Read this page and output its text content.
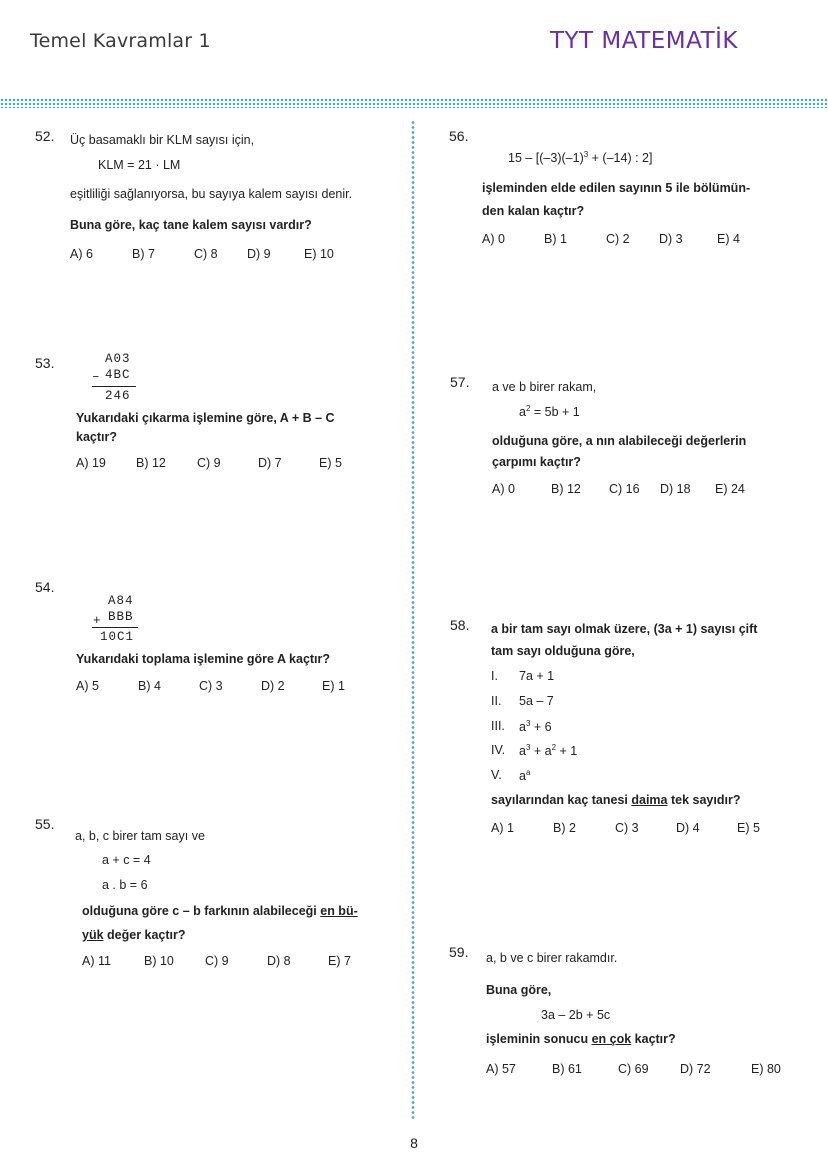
Temel Kavramlar 1	TYT MATEMATİK
52. Üç basamaklı bir KLM sayısı için,
KLM = 21 · LM
eşitliliği sağlanıyorsa, bu sayıya kalem sayısı denir.
Buna göre, kaç tane kalem sayısı vardır?
A) 6	B) 7	C) 8	D) 9	E) 10
53.	A03
– 4BC
246
Yukarıdaki çıkarma işlemine göre, A + B – C
kaçtır?
A) 19	B) 12	C) 9	D) 7	E) 5
54.
A84
+ BBB
10C1
Yukarıdaki toplama işlemine göre A kaçtır?
A) 5	B) 4	C) 3	D) 2	E) 1
55.
a, b, c birer tam sayı ve
a + c = 4
a . b = 6
olduğuna göre c – b farkının alabileceği en bü-
yük değer kaçtır?
A) 11	B) 10	C) 9	D) 8	E) 7
56.
$15 - [(-3)(-1)^3 + (-14)$ : 2]
işleminden elde edilen sayının 5 ile bölümün-
den kalan kaçtır?
A) 0	B) 1	C) 2	D) 3	E) 4
57. a ve b birer rakam,
$a^2 = 5b + 1$
olduğuna göre, a nın alabileceği değerlerin
çarpımı kaçtır?
A) 0	B) 12	C) 16	D) 18	E) 24
58. a bir tam sayı olmak üzere, (3a + 1) sayısı çift
tam sayı olduğuna göre,
I. 7a + 1
II. 5a – 7
III. $a^3 + 6$
IV. $a^3 + a^2 + 1$
V. $a^a$
sayılarından kaç tanesi daima tek sayıdır?
A) 1	B) 2	C) 3	D) 4	E) 5
59. a, b ve c birer rakamdır.
Buna göre,
3a – 2b + 5c
işleminin sonucu en çok kaçtır?
A) 57	B) 61	C) 69	D) 72	E) 80
8
